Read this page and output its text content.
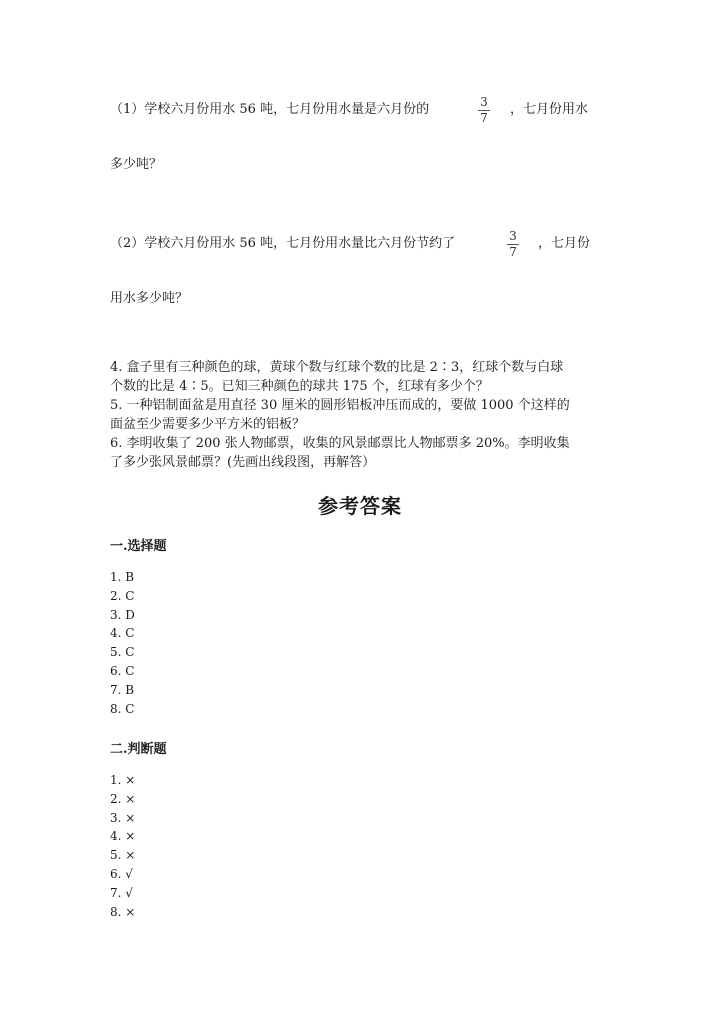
（1）学校六月份用水 56 吨，七月份用水量是六月份的	3
7
，七月份用水
多少吨？
（2）学校六月份用水 56 吨，七月份用水量比六月份节约了	3
7
，七月份
用水多少吨？
4. 盒子里有三种颜色的球，黄球个数与红球个数的比是 2∶3，红球个数与白球
个数的比是 4∶5。已知三种颜色的球共 175 个，红球有多少个？
5. 一种铝制面盆是用直径 30 厘米的圆形铝板冲压而成的，要做 1000 个这样的
面盆至少需要多少平方米的铝板？
6. 李明收集了 200 张人物邮票，收集的风景邮票比人物邮票多 20%。李明收集
了多少张风景邮票？(先画出线段图，再解答）
参考答案
一.选择题
1. B
2. C
3. D
4. C
5. C
6. C
7. B
8. C
二.判断题
1. ×
2. ×
3. ×
4. ×
5. ×
6. √
7. √
8. ×
